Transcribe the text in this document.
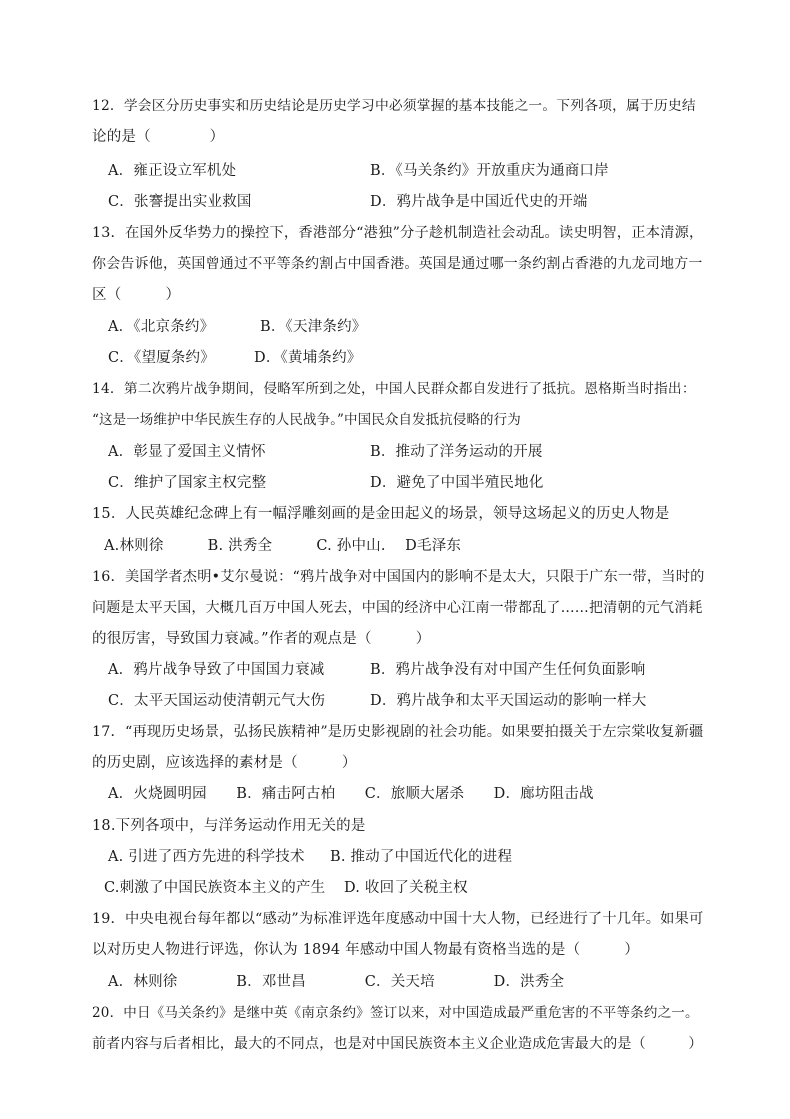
12．学会区分历史事实和历史结论是历史学习中必须掌握的基本技能之一。下列各项，属于历史结
论的是（　　　　）
A．雍正设立军机处	B．《马关条约》开放重庆为通商口岸
C．张謇提出实业救国	D．鸦片战争是中国近代史的开端
13．在国外反华势力的操控下，香港部分“港独”分子趁机制造社会动乱。读史明智，正本清源，
你会告诉他，英国曾通过不平等条约割占中国香港。英国是通过哪一条约割占香港的九龙司地方一
区（　　　）
A．《北京条约》	B．《天津条约》
C．《望厦条约》	D．《黄埔条约》
14．第二次鸦片战争期间，侵略军所到之处，中国人民群众都自发进行了抵抗。恩格斯当时指出：
“这是一场维护中华民族生存的人民战争。”中国民众自发抵抗侵略的行为
A．彰显了爱国主义情怀	B．推动了洋务运动的开展
C．维护了国家主权完整	D．避免了中国半殖民地化
15．人民英雄纪念碑上有一幅浮雕刻画的是金田起义的场景，领导这场起义的历史人物是
A.林则徐　　　B. 洪秀全　　　C. 孙中山.　 D毛泽东
16．美国学者杰明•艾尔曼说：“鸦片战争对中国国内的影响不是太大，只限于广东一带，当时的
问题是太平天国，大概几百万中国人死去，中国的经济中心江南一带都乱了……把清朝的元气消耗
的很厉害，导致国力衰减。”作者的观点是（　　　）
A．鸦片战争导致了中国国力衰减	B．鸦片战争没有对中国产生任何负面影响
C．太平天国运动使清朝元气大伤	D．鸦片战争和太平天国运动的影响一样大
17．“再现历史场景，弘扬民族精神”是历史影视剧的社会功能。如果要拍摄关于左宗棠收复新疆
的历史剧，应该选择的素材是（　　　）
A．火烧圆明园　　B．痛击阿古柏　　C．旅顺大屠杀　　D．廊坊阻击战
18.下列各项中，与洋务运动作用无关的是
A. 引进了西方先进的科学技术 B. 推动了中国近代化的进程
C.刺激了中国民族资本主义的产生 D. 收回了关税主权
19．中央电视台每年都以“感动”为标准评选年度感动中国十大人物，已经进行了十几年。如果可
以对历史人物进行评选，你认为 1894 年感动中国人物最有资格当选的是（　　　）
A．林则徐　　　　B．邓世昌　　　　C．关天培　　　　D．洪秀全
20．中日《马关条约》是继中英《南京条约》签订以来，对中国造成最严重危害的不平等条约之一。
前者内容与后者相比，最大的不同点，也是对中国民族资本主义企业造成危害最大的是（　　　）
